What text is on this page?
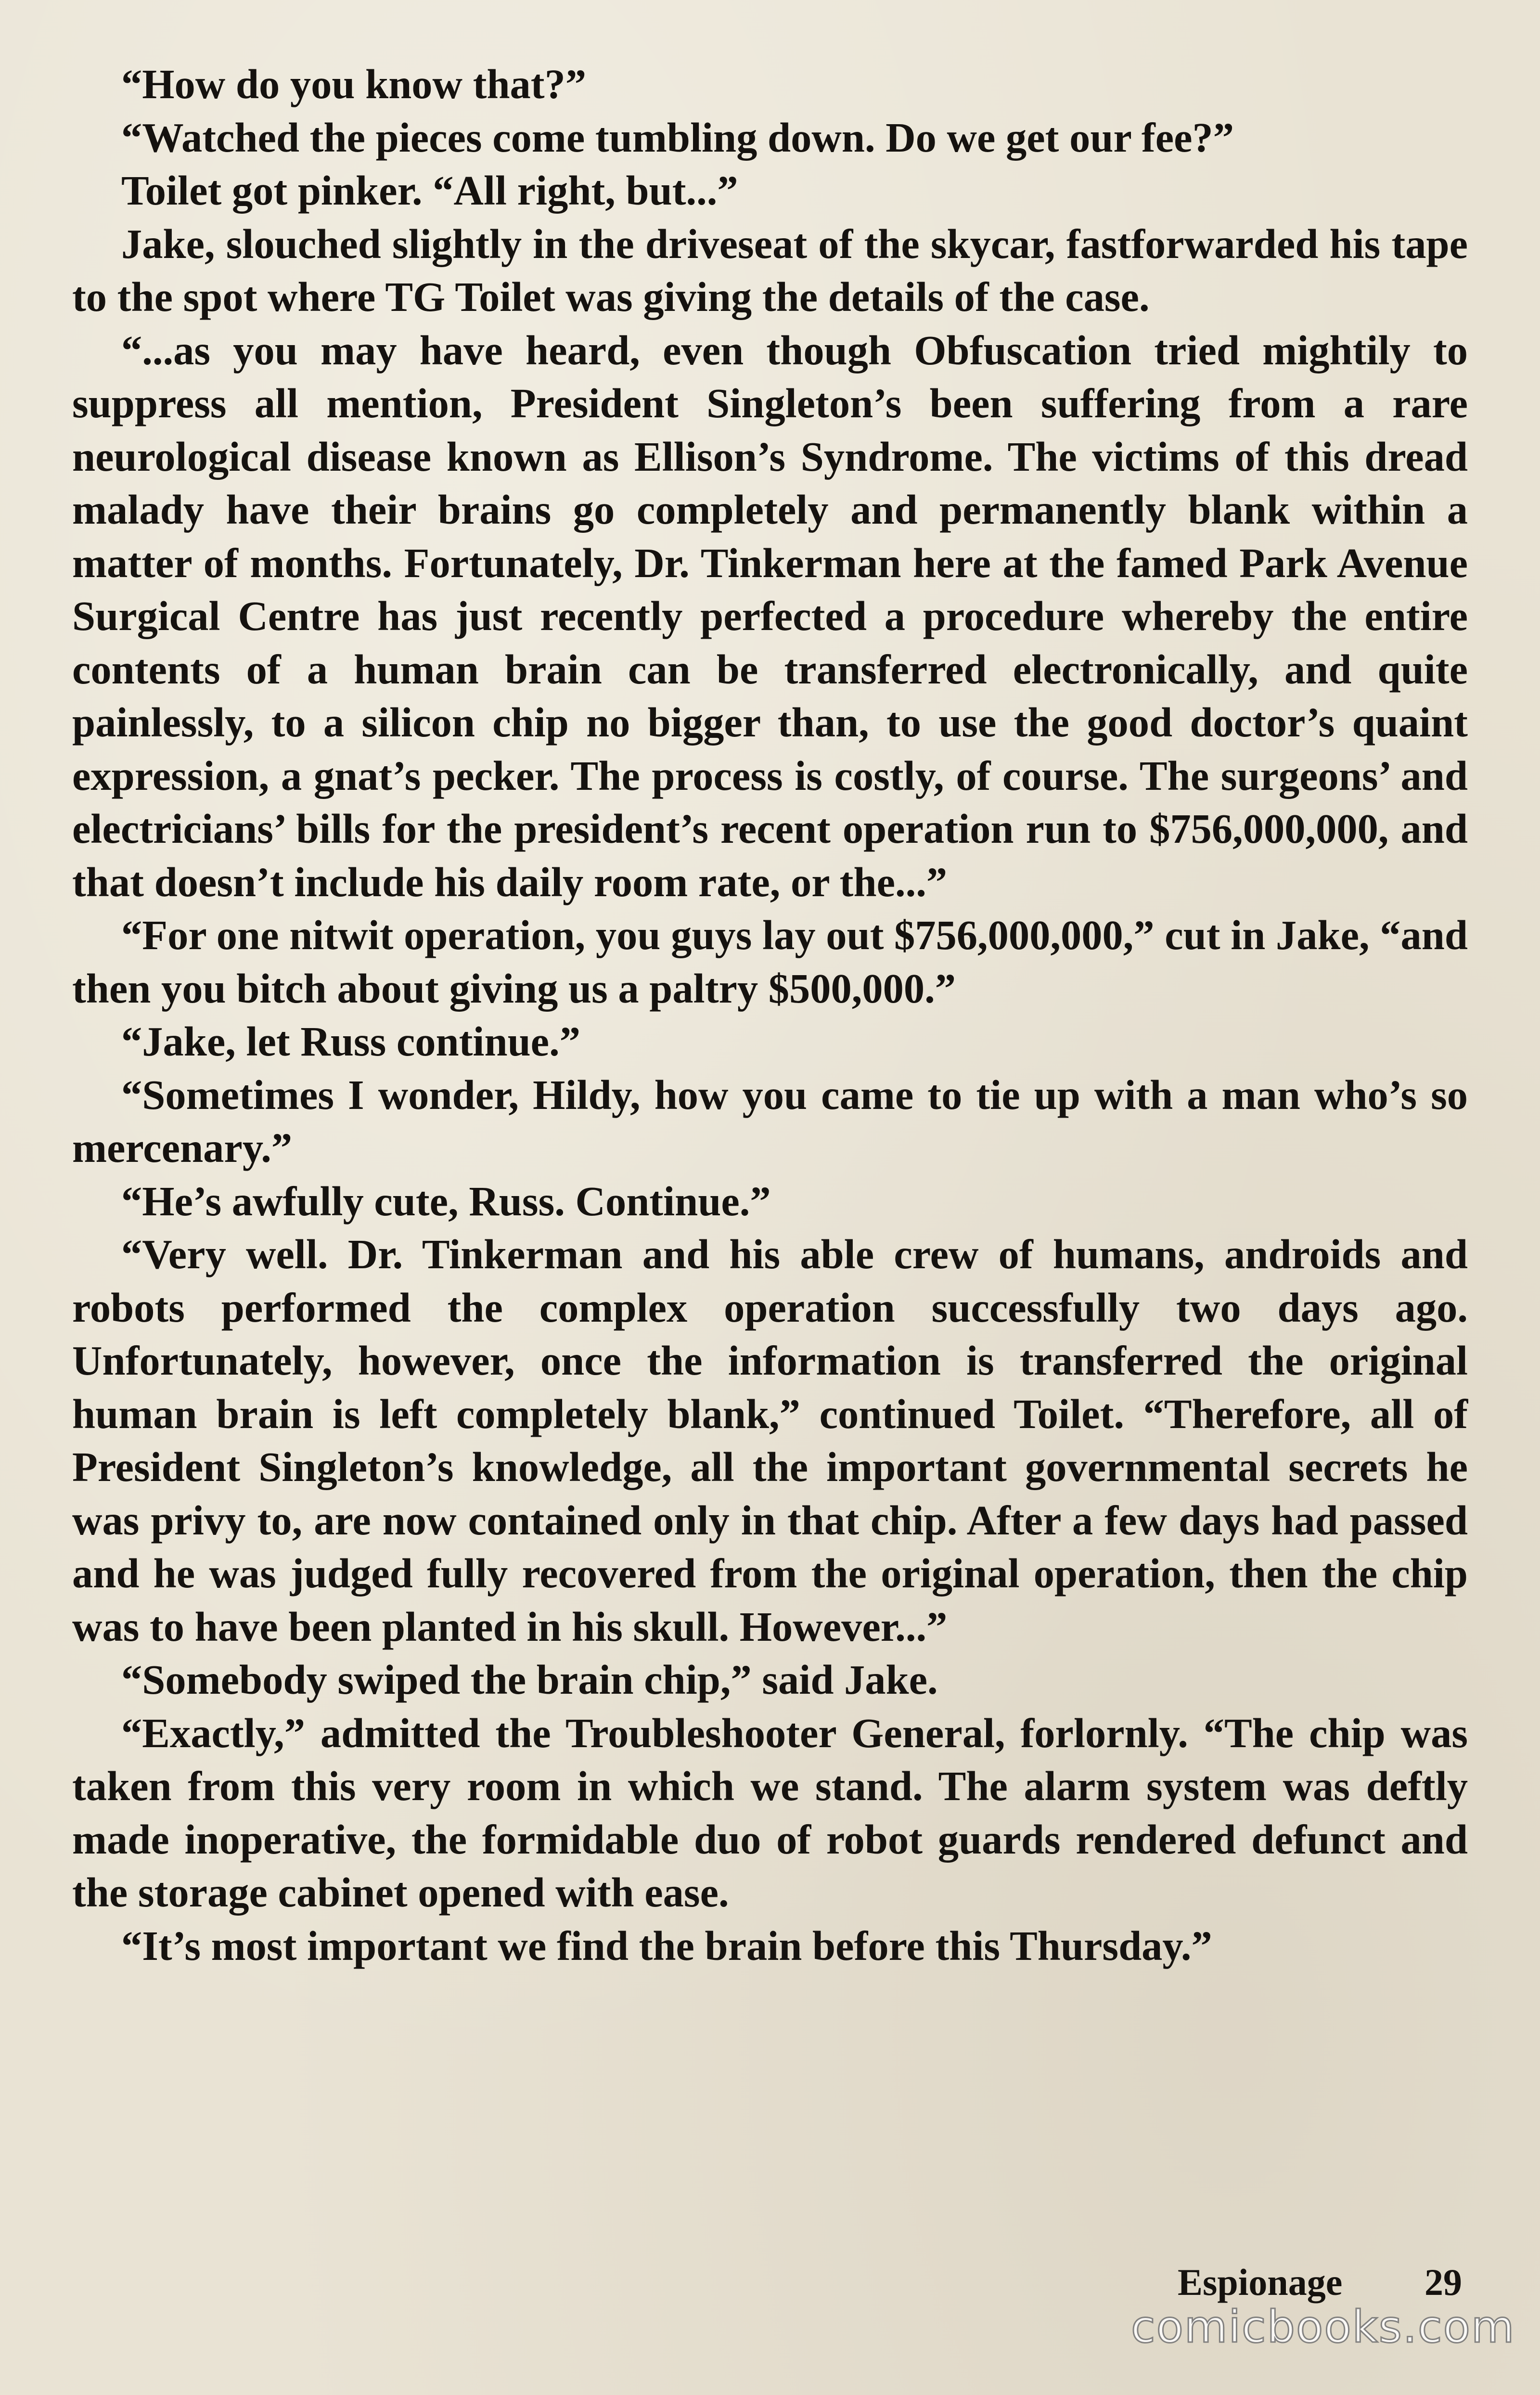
“How do you know that?”

“Watched the pieces come tumbling down. Do we get our fee?”

Toilet got pinker. “All right, but...”

Jake, slouched slightly in the driveseat of the skycar, fastforwarded his tape to the spot where TG Toilet was giving the details of the case.

“...as you may have heard, even though Obfuscation tried mightily to suppress all mention, President Singleton’s been suffering from a rare neurological disease known as Ellison’s Syndrome. The victims of this dread malady have their brains go completely and permanently blank within a matter of months. Fortunately, Dr. Tinkerman here at the famed Park Avenue Surgical Centre has just recently perfected a procedure whereby the entire contents of a human brain can be transferred electronically, and quite painlessly, to a silicon chip no bigger than, to use the good doctor’s quaint expression, a gnat’s pecker. The process is costly, of course. The surgeons’ and electricians’ bills for the president’s recent operation run to $756,000,000, and that doesn’t include his daily room rate, or the...”

“For one nitwit operation, you guys lay out $756,000,000,” cut in Jake, “and then you bitch about giving us a paltry $500,000.”

“Jake, let Russ continue.”

“Sometimes I wonder, Hildy, how you came to tie up with a man who’s so mercenary.”

“He’s awfully cute, Russ. Continue.”

“Very well. Dr. Tinkerman and his able crew of humans, androids and robots performed the complex operation successfully two days ago. Unfortunately, however, once the information is transferred the original human brain is left completely blank,” continued Toilet. “Therefore, all of President Singleton’s knowledge, all the important governmental secrets he was privy to, are now contained only in that chip. After a few days had passed and he was judged fully recovered from the original operation, then the chip was to have been planted in his skull. However...”

“Somebody swiped the brain chip,” said Jake.

“Exactly,” admitted the Troubleshooter General, forlornly. “The chip was taken from this very room in which we stand. The alarm system was deftly made inoperative, the formidable duo of robot guards rendered defunct and the storage cabinet opened with ease.

“It’s most important we find the brain before this Thursday.”

Espionage 29
comicbooks.com
